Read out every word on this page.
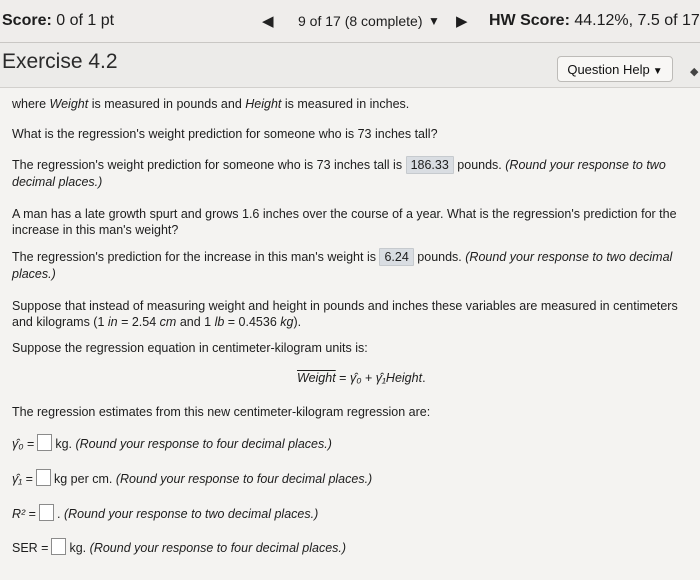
Score: 0 of 1 pt	◀ 9 of 17 (8 complete) ▼ ▶ HW Score: 44.12%, 7.5 of 17
Exercise 4.2	Question Help ▼	◆
where Weight is measured in pounds and Height is measured in inches.
What is the regression's weight prediction for someone who is 73 inches tall?
The regression's weight prediction for someone who is 73 inches tall is 186.33 pounds. (Round your response to two decimal places.)
A man has a late growth spurt and grows 1.6 inches over the course of a year. What is the regression's prediction for the increase in this man's weight?
The regression's prediction for the increase in this man's weight is 6.24 pounds. (Round your response to two decimal places.)
Suppose that instead of measuring weight and height in pounds and inches these variables are measured in centimeters and kilograms (1 in = 2.54 cm and 1 lb = 0.4536 kg).
Suppose the regression equation in centimeter-kilogram units is:
Weight = γ̂₀ + γ̂₁Height.
The regression estimates from this new centimeter-kilogram regression are:
γ̂₀ = kg. (Round your response to four decimal places.)
γ̂₁ = kg per cm. (Round your response to four decimal places.)
R² = . (Round your response to two decimal places.)
SER = kg. (Round your response to four decimal places.)
